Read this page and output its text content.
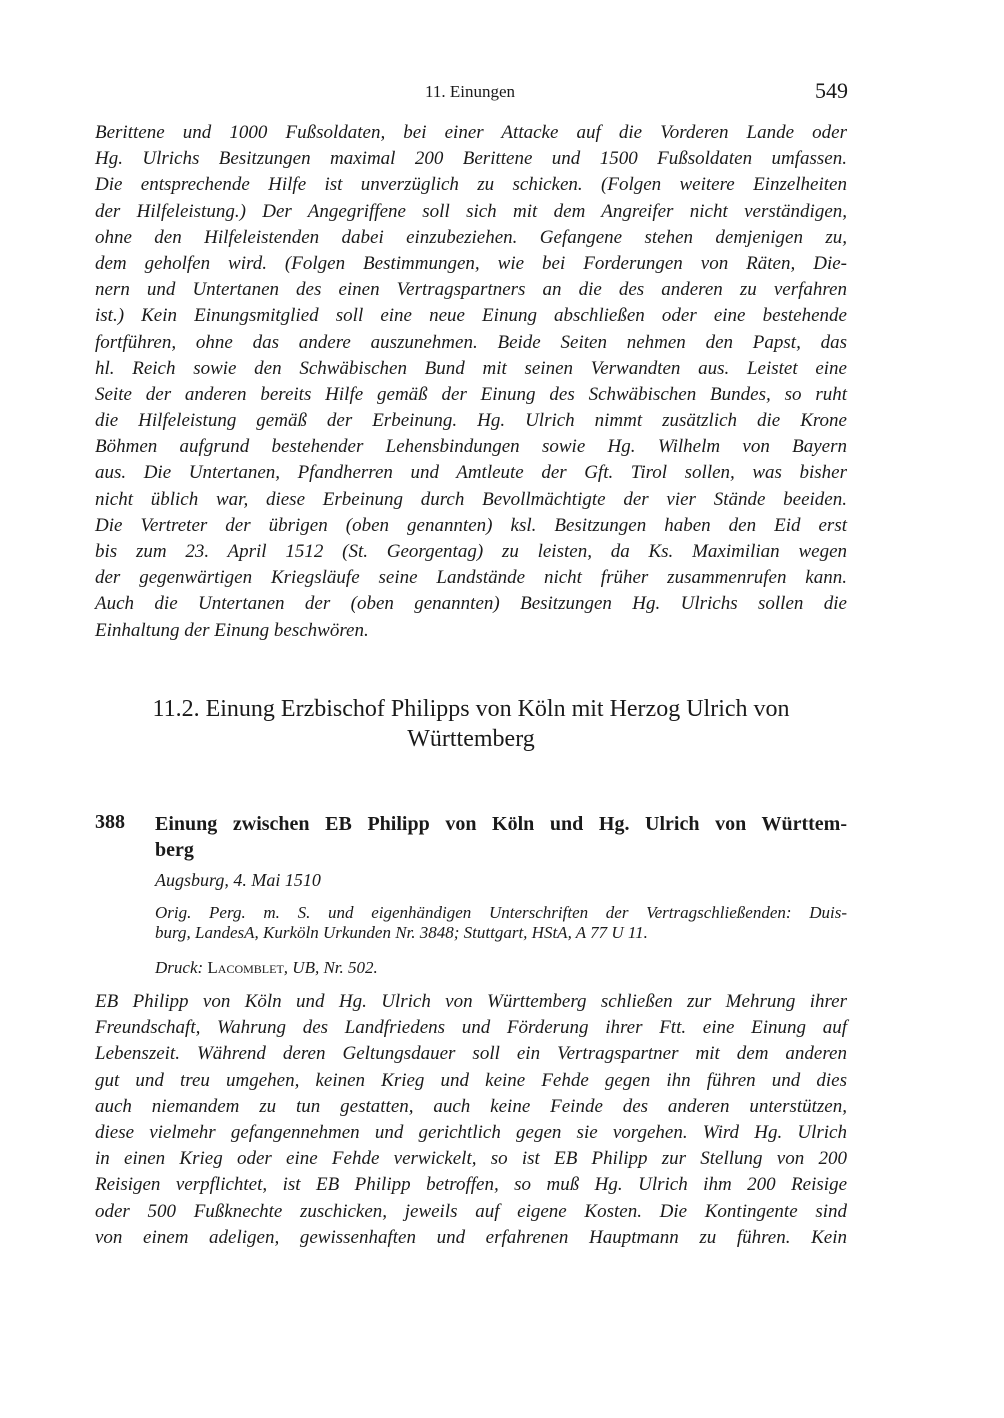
11. Einungen	549
Berittene und 1000 Fußsoldaten, bei einer Attacke auf die Vorderen Lande oder
Hg. Ulrichs Besitzungen maximal 200 Berittene und 1500 Fußsoldaten umfassen.
Die entsprechende Hilfe ist unverzüglich zu schicken. (Folgen weitere Einzelheiten
der Hilfeleistung.) Der Angegriffene soll sich mit dem Angreifer nicht verständigen,
ohne den Hilfeleistenden dabei einzubeziehen. Gefangene stehen demjenigen zu,
dem geholfen wird. (Folgen Bestimmungen, wie bei Forderungen von Räten, Die-
nern und Untertanen des einen Vertragspartners an die des anderen zu verfahren
ist.) Kein Einungsmitglied soll eine neue Einung abschließen oder eine bestehende
fortführen, ohne das andere auszunehmen. Beide Seiten nehmen den Papst, das
hl. Reich sowie den Schwäbischen Bund mit seinen Verwandten aus. Leistet eine
Seite der anderen bereits Hilfe gemäß der Einung des Schwäbischen Bundes, so ruht
die Hilfeleistung gemäß der Erbeinung. Hg. Ulrich nimmt zusätzlich die Krone
Böhmen aufgrund bestehender Lehensbindungen sowie Hg. Wilhelm von Bayern
aus. Die Untertanen, Pfandherren und Amtleute der Gft. Tirol sollen, was bisher
nicht üblich war, diese Erbeinung durch Bevollmächtigte der vier Stände beeiden.
Die Vertreter der übrigen (oben genannten) ksl. Besitzungen haben den Eid erst
bis zum 23. April 1512 (St. Georgentag) zu leisten, da Ks. Maximilian wegen
der gegenwärtigen Kriegsläufe seine Landstände nicht früher zusammenrufen kann.
Auch die Untertanen der (oben genannten) Besitzungen Hg. Ulrichs sollen die
Einhaltung der Einung beschwören.
11.2. Einung Erzbischof Philipps von Köln mit Herzog Ulrich von
Württemberg
388 Einung zwischen EB Philipp von Köln und Hg. Ulrich von Württem-
berg
Augsburg, 4. Mai 1510
Orig. Perg. m. S. und eigenhändigen Unterschriften der Vertragschließenden: Duis-
burg, LandesA, Kurköln Urkunden Nr. 3848; Stuttgart, HStA, A 77 U 11.
Druck: Lacomblet, UB, Nr. 502.
EB Philipp von Köln und Hg. Ulrich von Württemberg schließen zur Mehrung ihrer
Freundschaft, Wahrung des Landfriedens und Förderung ihrer Ftt. eine Einung auf
Lebenszeit. Während deren Geltungsdauer soll ein Vertragspartner mit dem anderen
gut und treu umgehen, keinen Krieg und keine Fehde gegen ihn führen und dies
auch niemandem zu tun gestatten, auch keine Feinde des anderen unterstützen,
diese vielmehr gefangennehmen und gerichtlich gegen sie vorgehen. Wird Hg. Ulrich
in einen Krieg oder eine Fehde verwickelt, so ist EB Philipp zur Stellung von 200
Reisigen verpflichtet, ist EB Philipp betroffen, so muß Hg. Ulrich ihm 200 Reisige
oder 500 Fußknechte zuschicken, jeweils auf eigene Kosten. Die Kontingente sind
von einem adeligen, gewissenhaften und erfahrenen Hauptmann zu führen. Kein
